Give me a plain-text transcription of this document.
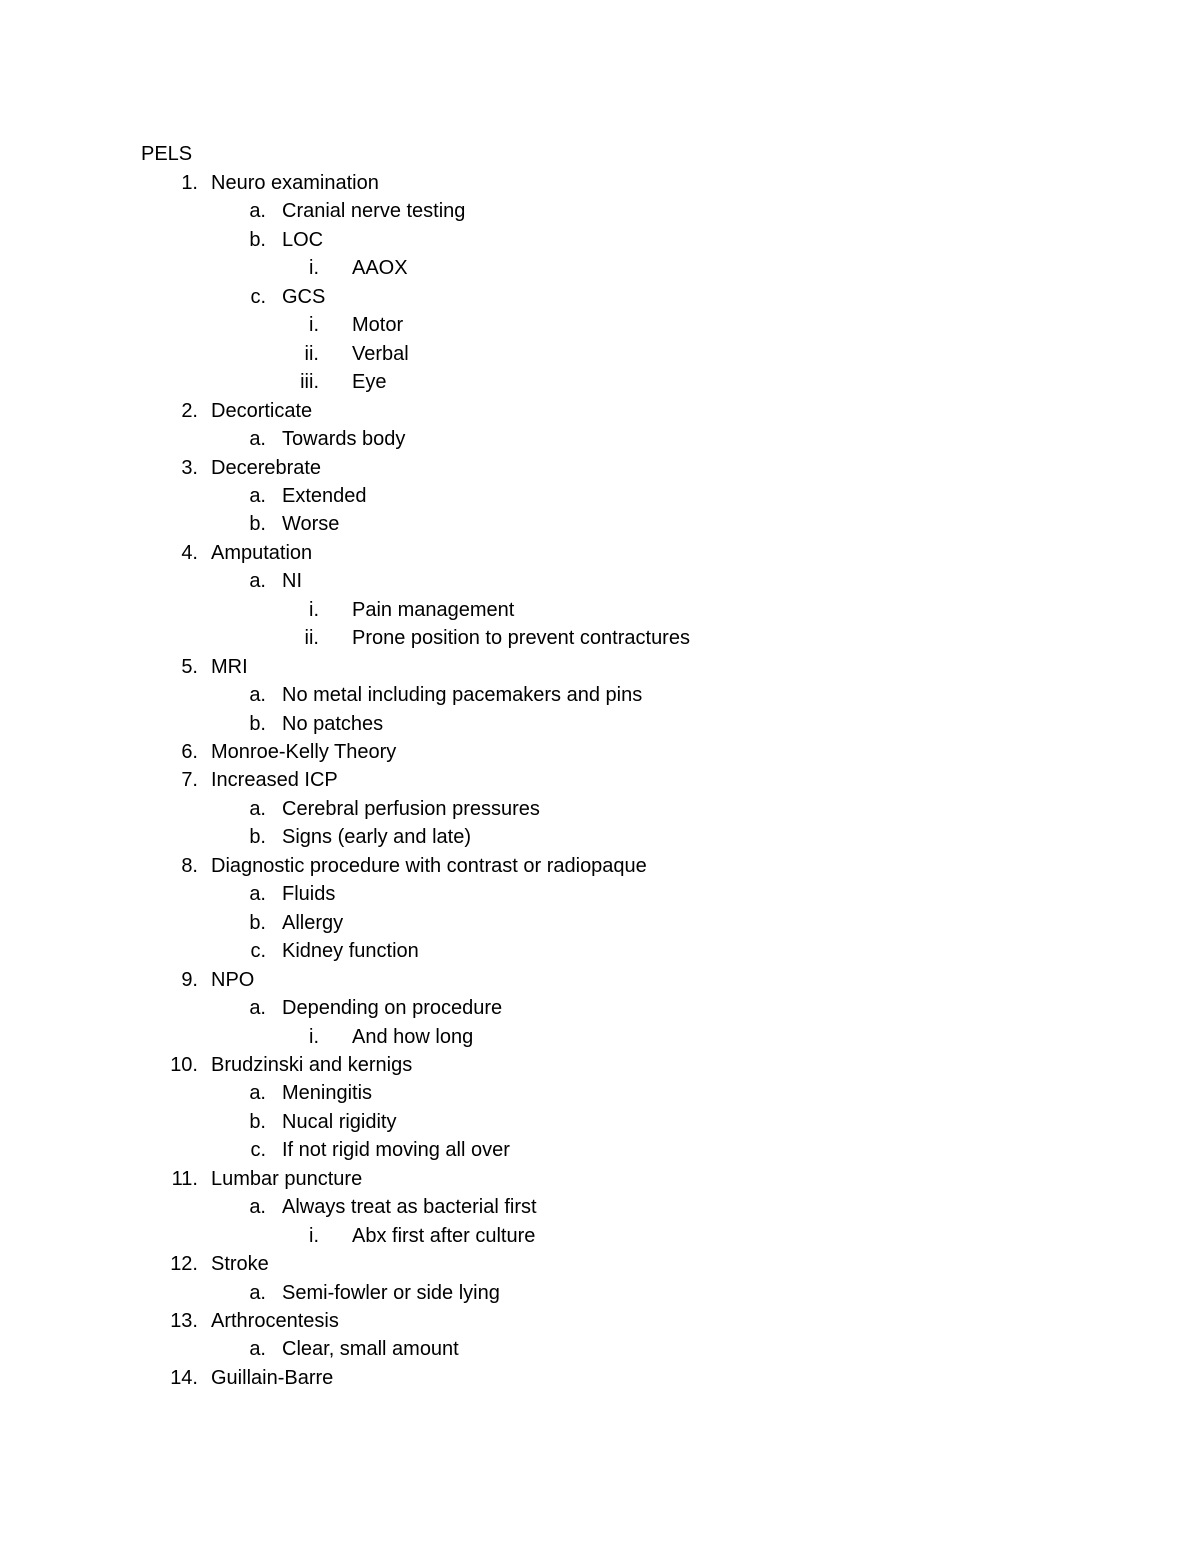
PELS
1. Neuro examination
a. Cranial nerve testing
b. LOC
i. AAOX
c. GCS
i. Motor
ii. Verbal
iii. Eye
2. Decorticate
a. Towards body
3. Decerebrate
a. Extended
b. Worse
4. Amputation
a. NI
i. Pain management
ii. Prone position to prevent contractures
5. MRI
a. No metal including pacemakers and pins
b. No patches
6. Monroe-Kelly Theory
7. Increased ICP
a. Cerebral perfusion pressures
b. Signs (early and late)
8. Diagnostic procedure with contrast or radiopaque
a. Fluids
b. Allergy
c. Kidney function
9. NPO
a. Depending on procedure
i. And how long
10. Brudzinski and kernigs
a. Meningitis
b. Nucal rigidity
c. If not rigid moving all over
11. Lumbar puncture
a. Always treat as bacterial first
i. Abx first after culture
12. Stroke
a. Semi-fowler or side lying
13. Arthrocentesis
a. Clear, small amount
14. Guillain-Barre
